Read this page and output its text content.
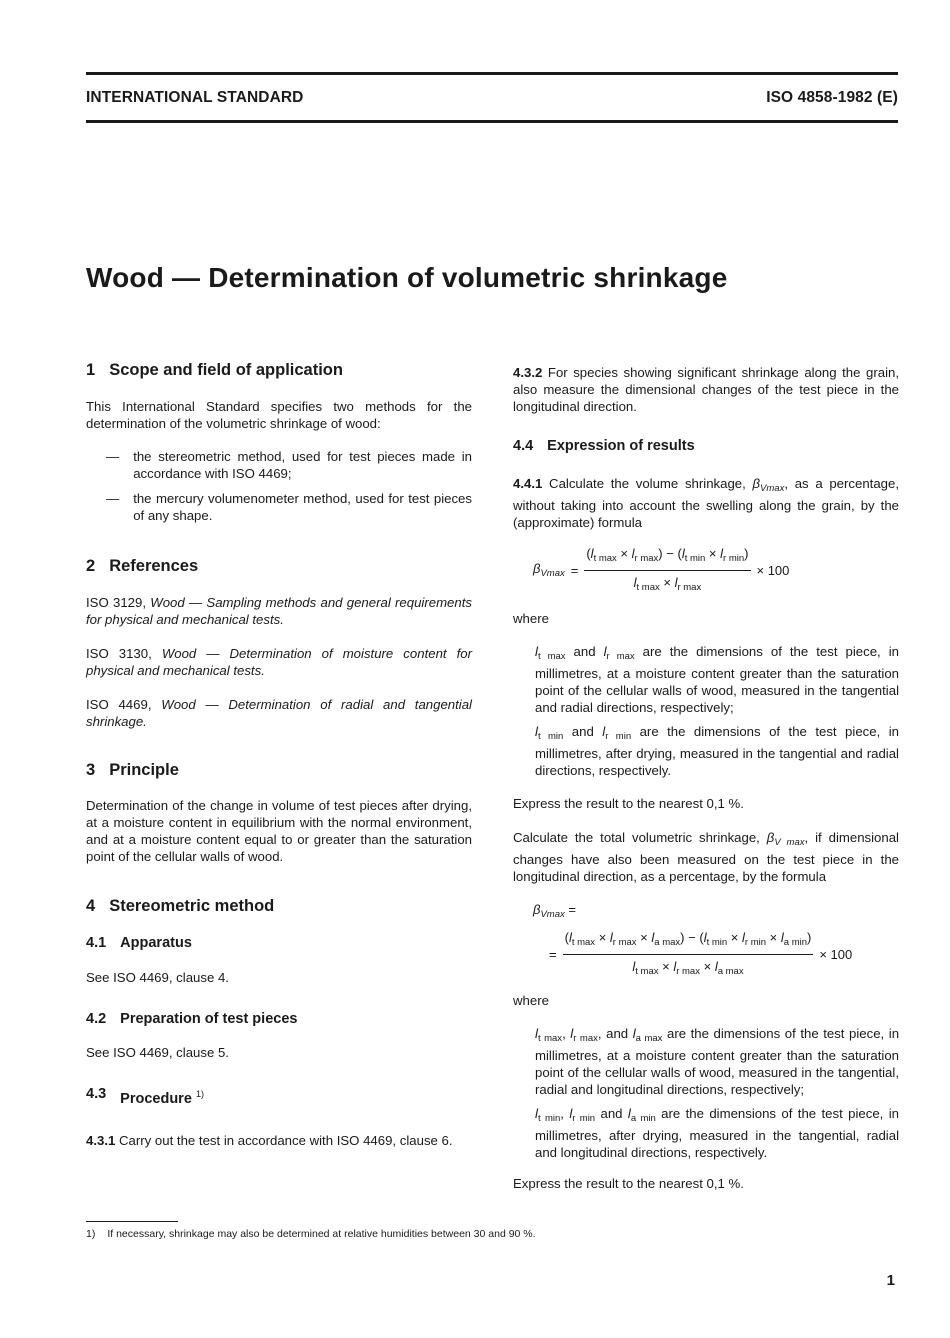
INTERNATIONAL STANDARD	ISO 4858-1982 (E)
Wood — Determination of volumetric shrinkage
1 Scope and field of application

This International Standard specifies two methods for the determination of the volumetric shrinkage of wood:

— the stereometric method, used for test pieces made in accordance with ISO 4469;
— the mercury volumenometer method, used for test pieces of any shape.
2 References

ISO 3129, Wood — Sampling methods and general requirements for physical and mechanical tests.

ISO 3130, Wood — Determination of moisture content for physical and mechanical tests.

ISO 4469, Wood — Determination of radial and tangential shrinkage.

3 Principle

Determination of the change in volume of test pieces after drying, at a moisture content in equilibrium with the normal environment, and at a moisture content equal to or greater than the saturation point of the cellular walls of wood.

4 Stereometric method
4.1 Apparatus

See ISO 4469, clause 4.

4.2 Preparation of test pieces

See ISO 4469, clause 5.

4.3 Procedure $^{1)}$

4.3.1 Carry out the test in accordance with ISO 4469, clause 6.

4.3.2 For species showing significant shrinkage along the grain, also measure the dimensional changes of the test piece in the longitudinal direction.

4.4 Expression of results

4.4.1 Calculate the volume shrinkage, $\beta_{Vmax}$, as a percentage, without taking into account the swelling along the grain, by the (approximate) formula

$\beta_{Vmax} = \frac{(l_{t max} \times l_{r max}) - (l_{t min} \times l_{r min})}{l_{t max} \times l_{r max}} \times 100$

where

$l_{t max}$ and $l_{r max}$ are the dimensions of the test piece, in millimetres, at a moisture content greater than the saturation point of the cellular walls of wood, measured in the tangential and radial directions, respectively;

$l_{t min}$ and $l_{r min}$ are the dimensions of the test piece, in millimetres, after drying, measured in the tangential and radial directions, respectively.

Express the result to the nearest 0,1 %.

Calculate the total volumetric shrinkage, $\beta_{V max}$, if dimensional changes have also been measured on the test piece in the longitudinal direction, as a percentage, by the formula

$\beta_{Vmax}$ =
= $\frac{(l_{t max} \times l_{r max} \times l_{a max}) - (l_{t min} \times l_{r min} \times l_{a min})}{l_{t max} \times l_{r max} \times l_{a max}} \times 100$

where

$l_{t max}$, $l_{r max}$, and $l_{a max}$ are the dimensions of the test piece, in millimetres, at a moisture content greater than the saturation point of the cellular walls of wood, measured in the tangential, radial and longitudinal directions, respectively;

$l_{t min}$, $l_{r min}$ and $l_{a min}$ are the dimensions of the test piece, in millimetres, after drying, measured in the tangential, radial and longitudinal directions, respectively.

Express the result to the nearest 0,1 %.

1) If necessary, shrinkage may also be determined at relative humidities between 30 and 90 %.
1
